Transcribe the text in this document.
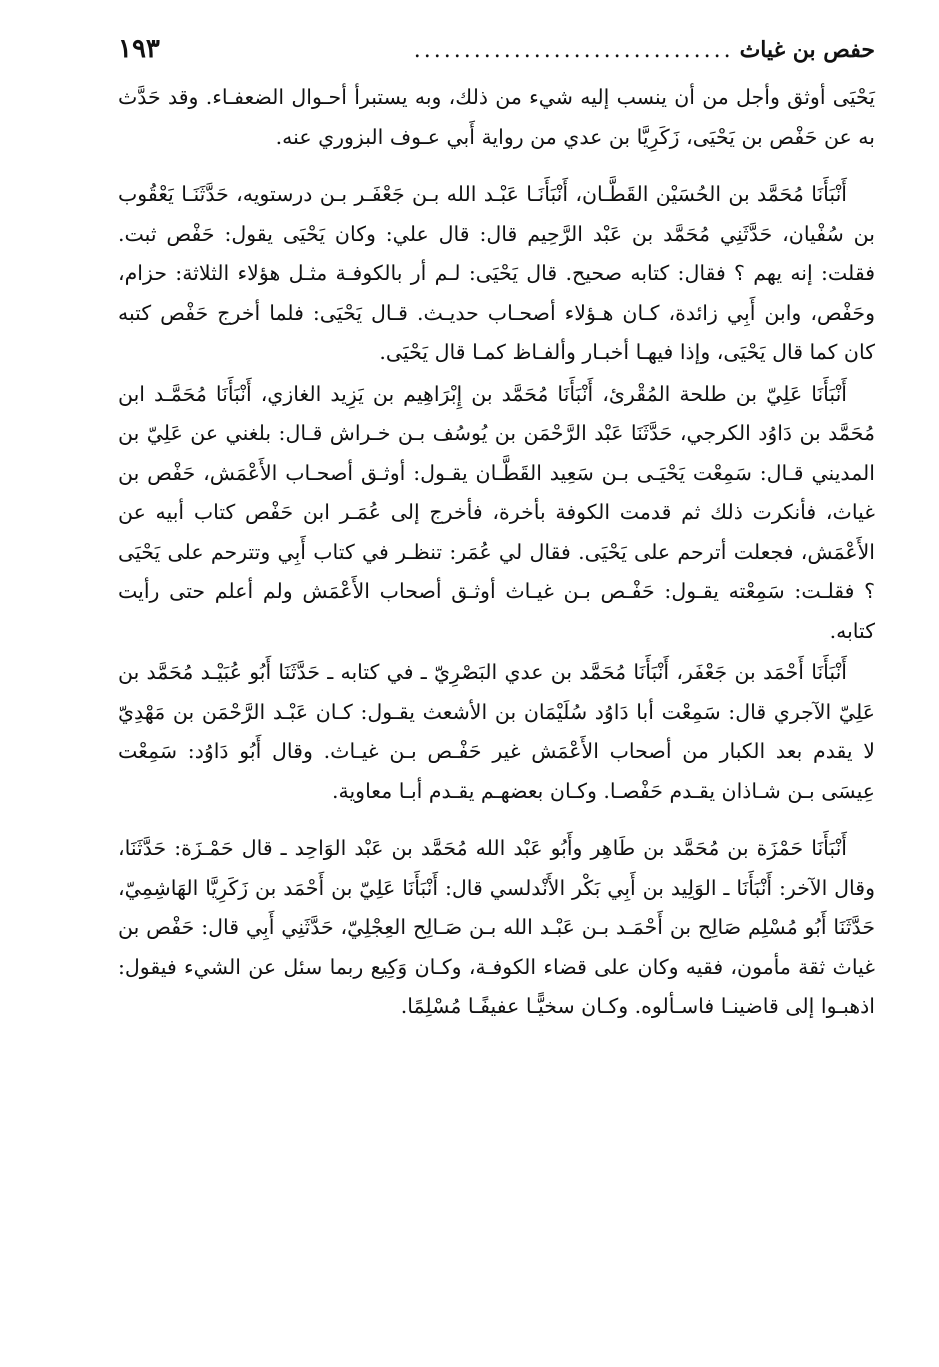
حفص بن غياث
................................
١٩٣

يَحْيَى أوثق وأجل من أن ينسب إليه شيء من ذلك، وبه يستبرأ أحـوال الضعفـاء. وقد حَدَّث به عن حَفْص بن يَحْيَى، زَكَرِيَّا بن عدي من رواية أَبي عـوف البزوري عنه.

أَنْبَأَنَا مُحَمَّد بن الحُسَيْن القَطَّـان، أَنْبَأَنَـا عَبْـد الله بـن جَعْفَـر بـن درستويه، حَدَّثَنَـا يَعْقُوب بن سُفْيان، حَدَّثَنِي مُحَمَّد بن عَبْد الرَّحِيم قال: قال علي: وكان يَحْيَى يقول: حَفْص ثبت. فقلت: إنه يهم ؟ فقال: كتابه صحيح. قال يَحْيَى: لـم أر بالكوفـة مثـل هؤلاء الثلاثة: حزام، وحَفْص، وابن أَبِي زائدة، كـان هـؤلاء أصحـاب حديـث. قـال يَحْيَى: فلما أخرج حَفْص كتبه كان كما قال يَحْيَى، وإذا فيهـا أخبـار وألفـاظ كمـا قال يَحْيَى.

أَنْبَأَنَا عَلِيّ بن طلحة المُقْرئ، أَنْبَأَنَا مُحَمَّد بن إِبْرَاهِيم بن يَزِيد الغازي، أَنْبَأَنَا مُحَمَّـد ابن مُحَمَّد بن دَاوُد الكرجي، حَدَّثَنَا عَبْد الرَّحْمَن بن يُوسُف بـن خـراش قـال: بلغني عن عَلِيّ بن المديني قـال: سَمِعْت يَحْيَـى بـن سَعِيد القَطَّـان يقـول: أوثـق أصحـاب الأَعْمَش، حَفْص بن غياث، فأنكرت ذلك ثم قدمت الكوفة بأخرة، فأخرج إلى عُمَـر ابن حَفْص كتاب أبيه عن الأَعْمَش، فجعلت أترحم على يَحْيَى. فقال لي عُمَر: تنظـر في كتاب أَبِي وتترحم على يَحْيَى ؟ فقلـت: سَمِعْته يقـول: حَفْـص بـن غيـاث أوثـق أصحاب الأَعْمَش ولم أعلم حتى رأيت كتابه.

أَنْبَأَنَا أَحْمَد بن جَعْفَر، أَنْبَأَنَا مُحَمَّد بن عدي البَصْرِيّ ـ في كتابه ـ حَدَّثَنَا أَبُو عُبَيْـد مُحَمَّد بن عَلِيّ الآجري قال: سَمِعْت أبا دَاوُد سُلَيْمَان بن الأشعث يقـول: كـان عَبْـد الرَّحْمَن بن مَهْدِيّ لا يقدم بعد الكبار من أصحاب الأَعْمَش غير حَفْـص بـن غيـاث. وقال أَبُو دَاوُد: سَمِعْت عِيسَى بـن شـاذان يقـدم حَفْصـا. وكـان بعضهـم يقـدم أبـا معاوية.

أَنْبَأَنَا حَمْزَة بن مُحَمَّد بن طَاهِر وأَبُو عَبْد الله مُحَمَّد بن عَبْد الوَاحِد ـ قال حَمْـزَة: حَدَّثَنَا، وقال الآخر: أَنْبَأَنَا ـ الوَلِيد بن أَبِي بَكْر الأَنْدلسي قال: أَنْبَأَنَا عَلِيّ بن أَحْمَد بن زَكَرِيَّا الهَاشِمِيّ، حَدَّثَنَا أَبُو مُسْلِم صَالِح بن أَحْمَـد بـن عَبْـد الله بـن صَـالِح العِجْلِيّ، حَدَّثَنِي أَبِي قال: حَفْص بن غياث ثقة مأمون، فقيه وكان على قضاء الكوفـة، وكـان وَكِيع ربما سئل عن الشيء فيقول: اذهبـوا إلى قاضينـا فاسـألوه. وكـان سخيًّـا عفيفًـا مُسْلِمًا.
